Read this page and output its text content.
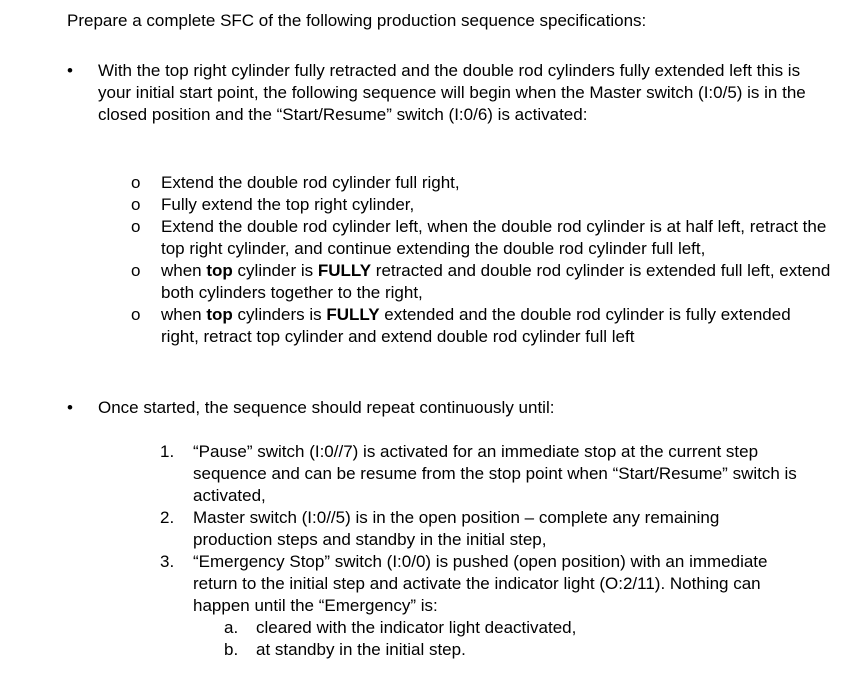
Prepare a complete SFC of the following production sequence specifications:
•	With the top right cylinder fully retracted and the double rod cylinders fully extended left this is your initial start point, the following sequence will begin when the Master switch (I:0/5) is in the closed position and the “Start/Resume” switch (I:0/6) is activated:
o Extend the double rod cylinder full right,
o Fully extend the top right cylinder,
o Extend the double rod cylinder left, when the double rod cylinder is at half left, retract the top right cylinder, and continue extending the double rod cylinder full left,
o when top cylinder is FULLY retracted and double rod cylinder is extended full left, extend both cylinders together to the right,
o when top cylinders is FULLY extended and the double rod cylinder is fully extended right, retract top cylinder and extend double rod cylinder full left
•	Once started, the sequence should repeat continuously until:
1. “Pause” switch (I:0//7) is activated for an immediate stop at the current step sequence and can be resume from the stop point when “Start/Resume” switch is activated,
2. Master switch (I:0//5) is in the open position – complete any remaining production steps and standby in the initial step,
3. “Emergency Stop” switch (I:0/0) is pushed (open position) with an immediate return to the initial step and activate the indicator light (O:2/11). Nothing can happen until the “Emergency” is:
a. cleared with the indicator light deactivated,
b. at standby in the initial step.
